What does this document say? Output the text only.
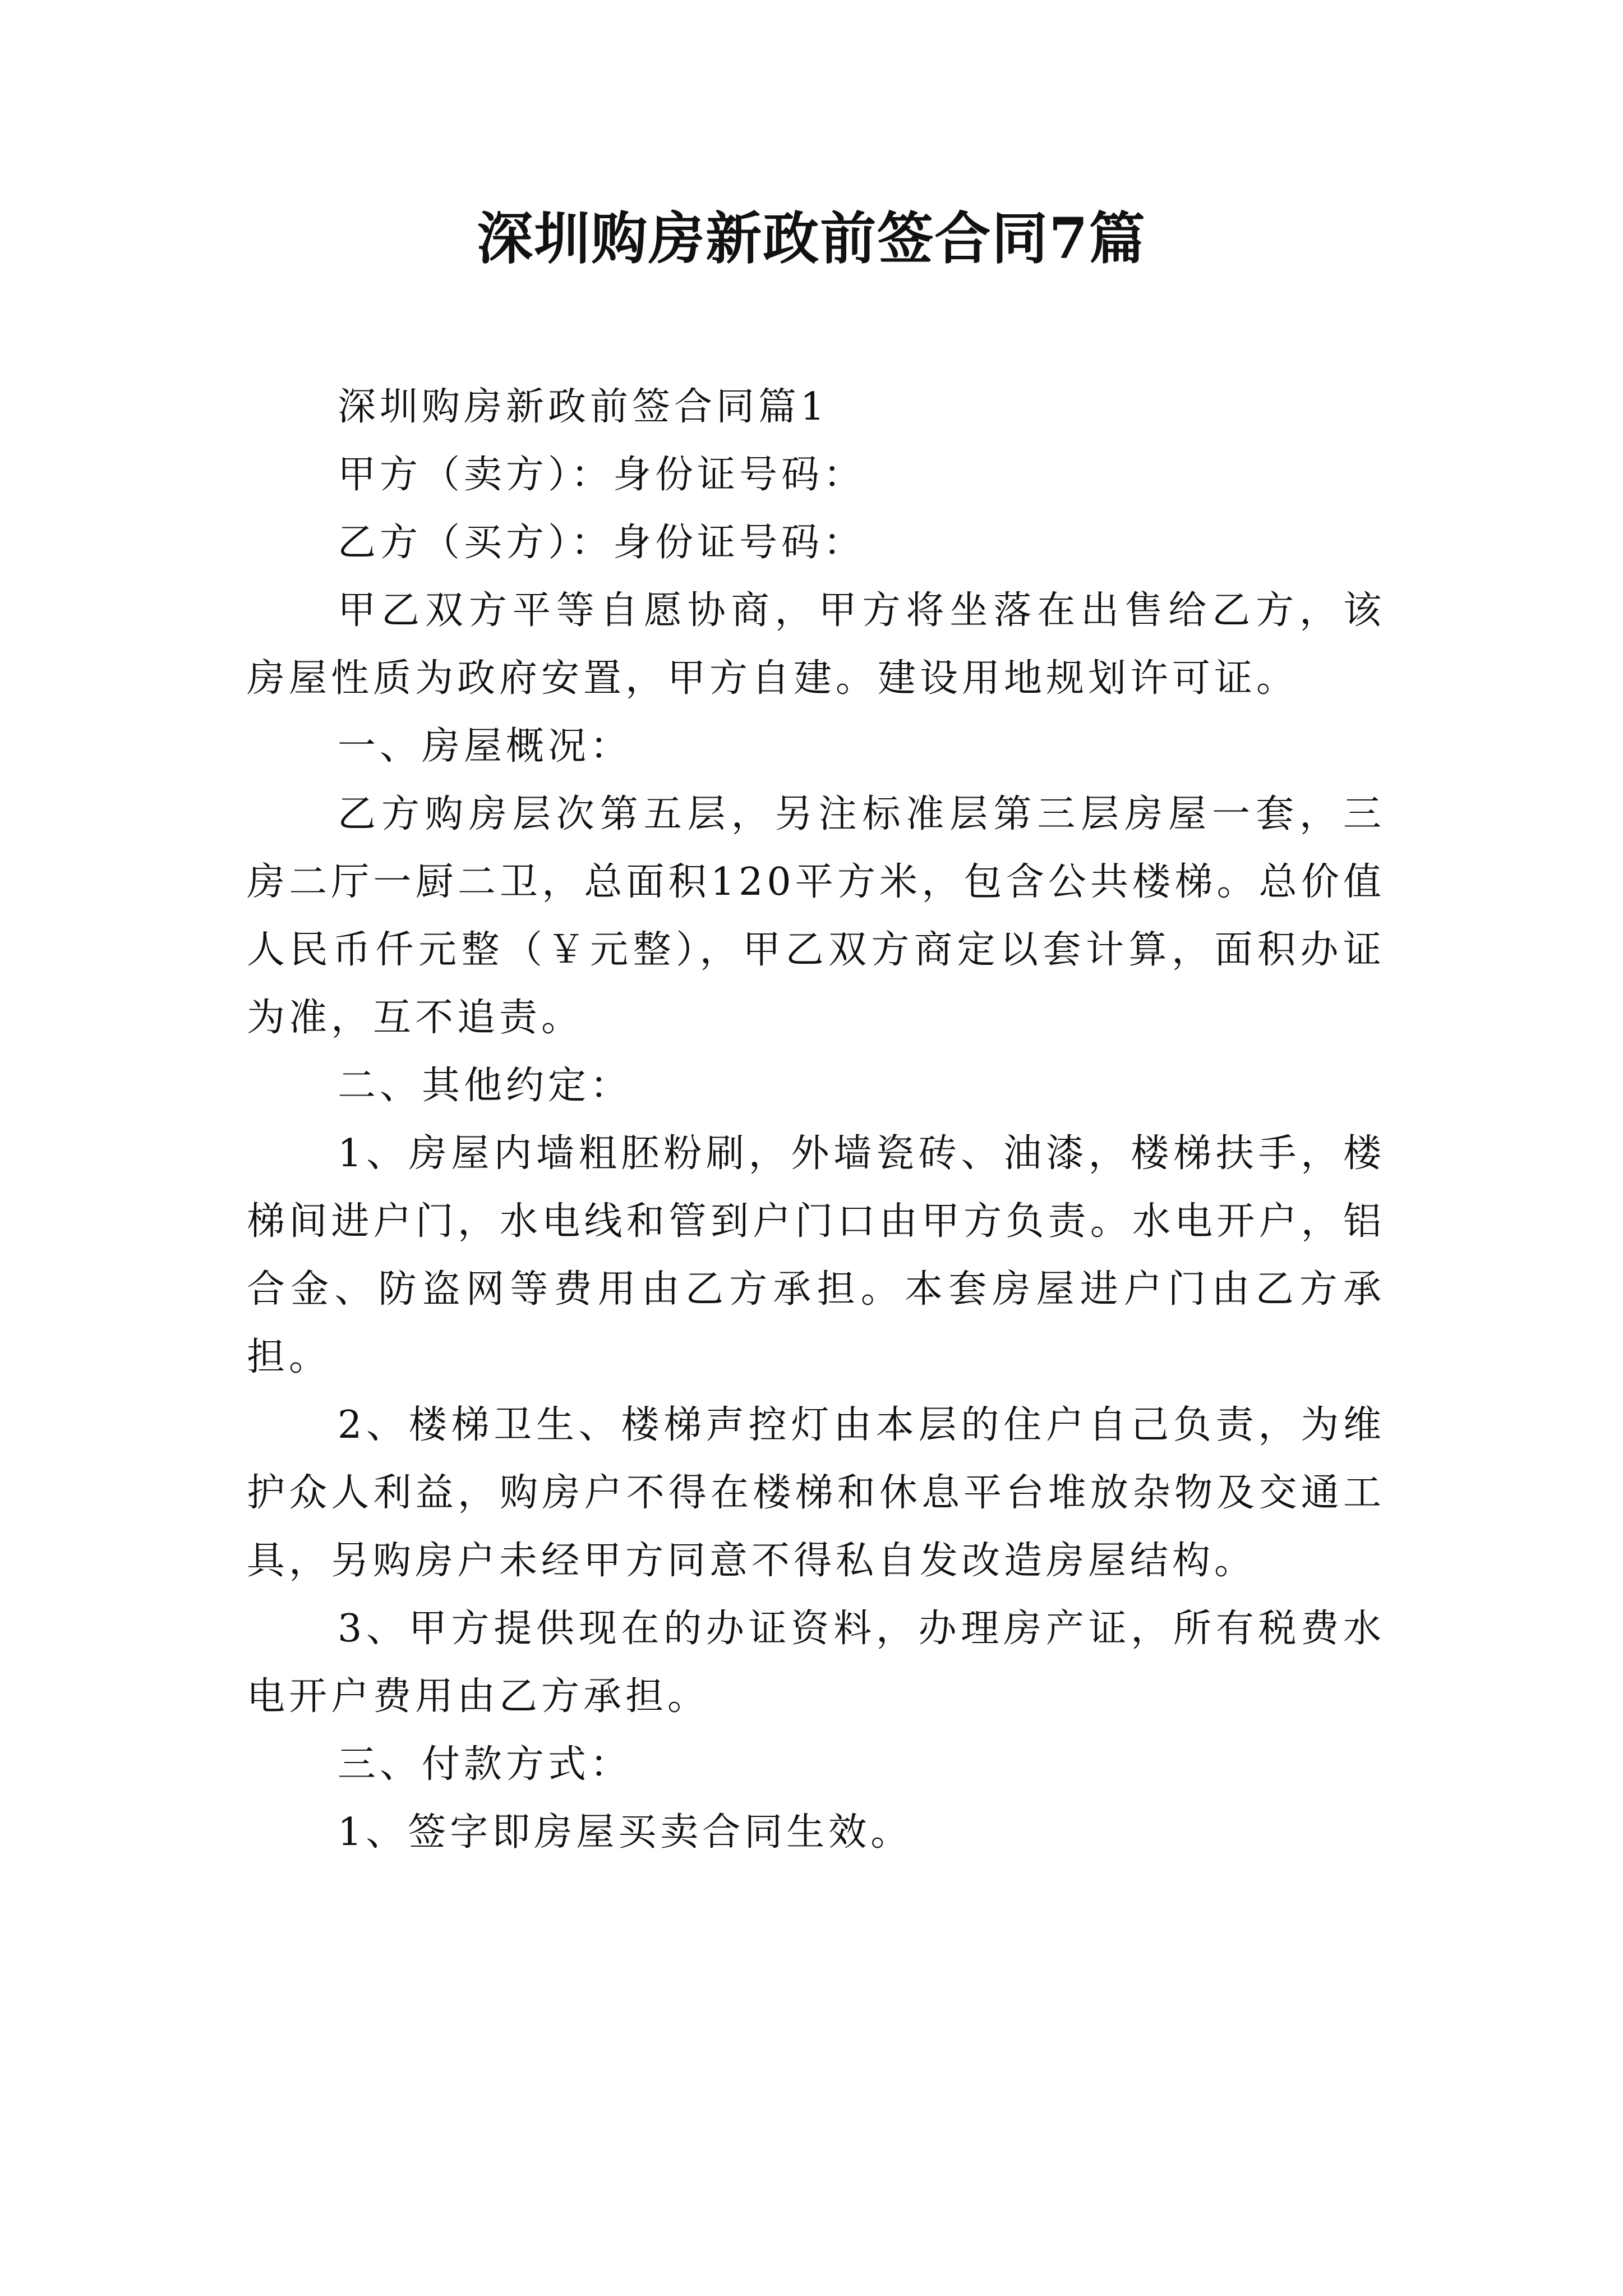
深圳购房新政前签合同7篇

深圳购房新政前签合同篇1

甲方（卖方）：身份证号码：

乙方（买方）：身份证号码：

甲乙双方平等自愿协商，甲方将坐落在出售给乙方，该房屋性质为政府安置，甲方自建。建设用地规划许可证。

一、房屋概况：

乙方购房层次第五层，另注标准层第三层房屋一套，三房二厅一厨二卫，总面积120平方米，包含公共楼梯。总价值人民币仟元整（￥元整），甲乙双方商定以套计算，面积办证为准，互不追责。

二、其他约定：

1、房屋内墙粗胚粉刷，外墙瓷砖、油漆，楼梯扶手，楼梯间进户门，水电线和管到户门口由甲方负责。水电开户，铝合金、防盗网等费用由乙方承担。本套房屋进户门由乙方承担。

2、楼梯卫生、楼梯声控灯由本层的住户自己负责，为维护众人利益，购房户不得在楼梯和休息平台堆放杂物及交通工具，另购房户未经甲方同意不得私自发改造房屋结构。

3、甲方提供现在的办证资料，办理房产证，所有税费水电开户费用由乙方承担。

三、付款方式：

1、签字即房屋买卖合同生效。
